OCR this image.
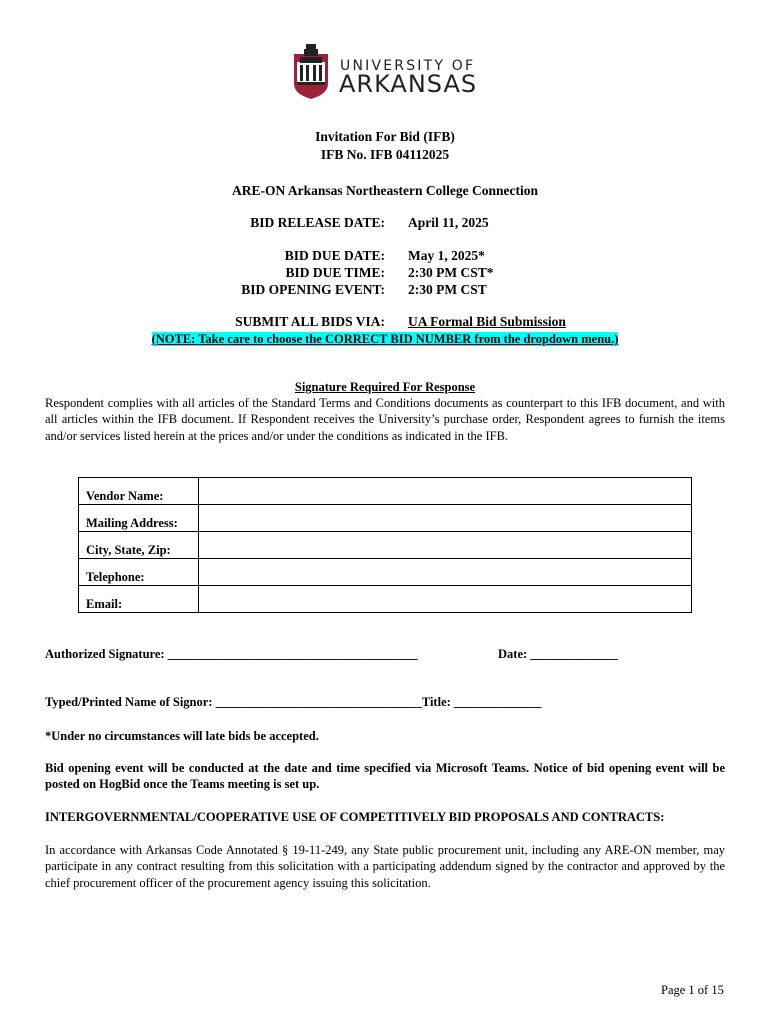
UNIVERSITY OF
ARKANSAS
Invitation For Bid (IFB)
IFB No. IFB 04112025
ARE-ON Arkansas Northeastern College Connection
BID RELEASE DATE: April 11, 2025
BID DUE DATE: May 1, 2025*
BID DUE TIME: 2:30 PM CST*
BID OPENING EVENT: 2:30 PM CST
SUBMIT ALL BIDS VIA: UA Formal Bid Submission
(NOTE: Take care to choose the CORRECT BID NUMBER from the dropdown menu.)
Signature Required For Response
Respondent complies with all articles of the Standard Terms and Conditions documents as counterpart to this IFB document, and with all articles within the IFB document. If Respondent receives the University’s purchase order, Respondent agrees to furnish the items and/or services listed herein at the prices and/or under the conditions as indicated in the IFB.
Vendor Name:	
Mailing Address:	
City, State, Zip:	
Telephone:	
Email:	
Authorized Signature: ________________________________________	Date: ______________
Typed/Printed Name of Signor: _________________________________Title: ______________
*Under no circumstances will late bids be accepted.
Bid opening event will be conducted at the date and time specified via Microsoft Teams. Notice of bid opening event will be posted on HogBid once the Teams meeting is set up.
INTERGOVERNMENTAL/COOPERATIVE USE OF COMPETITIVELY BID PROPOSALS AND CONTRACTS:
In accordance with Arkansas Code Annotated § 19-11-249, any State public procurement unit, including any ARE-ON member, may participate in any contract resulting from this solicitation with a participating addendum signed by the contractor and approved by the chief procurement officer of the procurement agency issuing this solicitation.
Page 1 of 15
